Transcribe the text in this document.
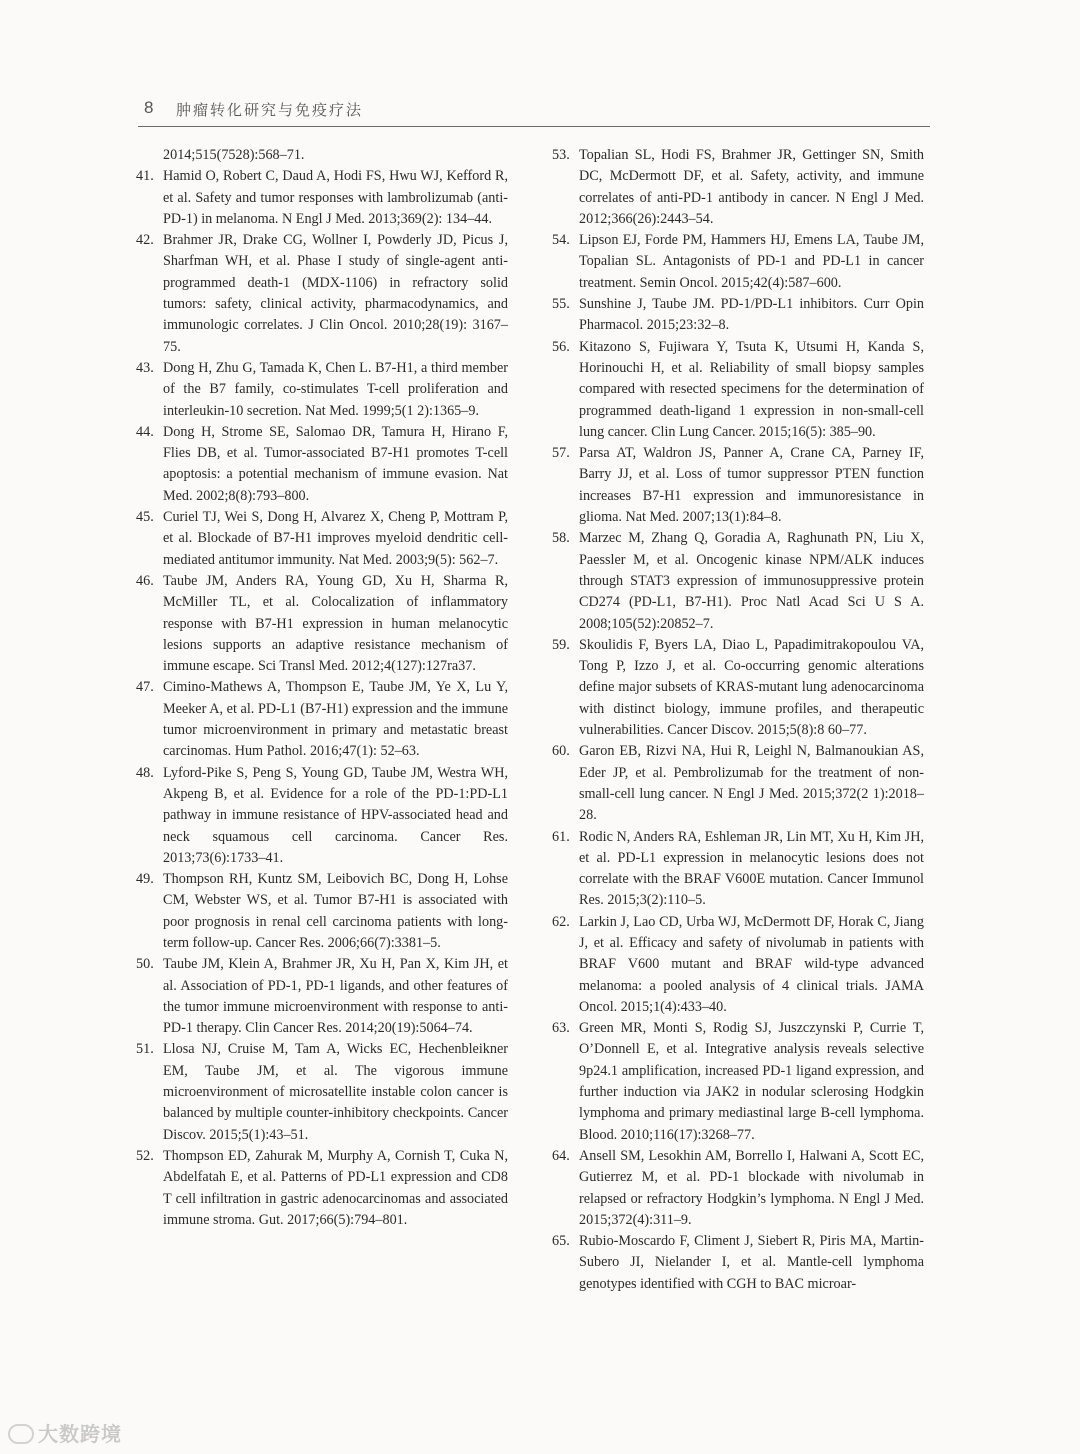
8 肿瘤转化研究与免疫疗法

2014;515(7528):568–71.

41. Hamid O, Robert C, Daud A, Hodi FS, Hwu WJ, Kefford R, et al. Safety and tumor responses with lambrolizumab (anti-PD-1) in melanoma. N Engl J Med. 2013;369(2): 134–44.

42. Brahmer JR, Drake CG, Wollner I, Powderly JD, Picus J, Sharfman WH, et al. Phase I study of single-agent anti-programmed death-1 (MDX-1106) in refractory solid tumors: safety, clinical activity, pharmacodynamics, and immunologic correlates. J Clin Oncol. 2010;28(19): 3167–75.

43. Dong H, Zhu G, Tamada K, Chen L. B7-H1, a third member of the B7 family, co-stimulates T-cell proliferation and interleukin-10 secretion. Nat Med. 1999;5(1 2):1365–9.

44. Dong H, Strome SE, Salomao DR, Tamura H, Hirano F, Flies DB, et al. Tumor-associated B7-H1 promotes T-cell apoptosis: a potential mechanism of immune evasion. Nat Med. 2002;8(8):793–800.

45. Curiel TJ, Wei S, Dong H, Alvarez X, Cheng P, Mottram P, et al. Blockade of B7-H1 improves myeloid dendritic cell-mediated antitumor immunity. Nat Med. 2003;9(5): 562–7.

46. Taube JM, Anders RA, Young GD, Xu H, Sharma R, McMiller TL, et al. Colocalization of inflammatory response with B7-H1 expression in human melanocytic lesions supports an adaptive resistance mechanism of immune escape. Sci Transl Med. 2012;4(127):127ra37.

47. Cimino-Mathews A, Thompson E, Taube JM, Ye X, Lu Y, Meeker A, et al. PD-L1 (B7-H1) expression and the immune tumor microenvironment in primary and metastatic breast carcinomas. Hum Pathol. 2016;47(1): 52–63.

48. Lyford-Pike S, Peng S, Young GD, Taube JM, Westra WH, Akpeng B, et al. Evidence for a role of the PD-1:PD-L1 pathway in immune resistance of HPV-associated head and neck squamous cell carcinoma. Cancer Res. 2013;73(6):1733–41.

49. Thompson RH, Kuntz SM, Leibovich BC, Dong H, Lohse CM, Webster WS, et al. Tumor B7-H1 is associated with poor prognosis in renal cell carcinoma patients with long-term follow-up. Cancer Res. 2006;66(7):3381–5.

50. Taube JM, Klein A, Brahmer JR, Xu H, Pan X, Kim JH, et al. Association of PD-1, PD-1 ligands, and other features of the tumor immune microenvironment with response to anti-PD-1 therapy. Clin Cancer Res. 2014;20(19):5064–74.

51. Llosa NJ, Cruise M, Tam A, Wicks EC, Hechenbleikner EM, Taube JM, et al. The vigorous immune microenvironment of microsatellite instable colon cancer is balanced by multiple counter-inhibitory checkpoints. Cancer Discov. 2015;5(1):43–51.

52. Thompson ED, Zahurak M, Murphy A, Cornish T, Cuka N, Abdelfatah E, et al. Patterns of PD-L1 expression and CD8 T cell infiltration in gastric adenocarcinomas and associated immune stroma. Gut. 2017;66(5):794–801.

53. Topalian SL, Hodi FS, Brahmer JR, Gettinger SN, Smith DC, McDermott DF, et al. Safety, activity, and immune correlates of anti-PD-1 antibody in cancer. N Engl J Med. 2012;366(26):2443–54.

54. Lipson EJ, Forde PM, Hammers HJ, Emens LA, Taube JM, Topalian SL. Antagonists of PD-1 and PD-L1 in cancer treatment. Semin Oncol. 2015;42(4):587–600.

55. Sunshine J, Taube JM. PD-1/PD-L1 inhibitors. Curr Opin Pharmacol. 2015;23:32–8.

56. Kitazono S, Fujiwara Y, Tsuta K, Utsumi H, Kanda S, Horinouchi H, et al. Reliability of small biopsy samples compared with resected specimens for the determination of programmed death-ligand 1 expression in non-small-cell lung cancer. Clin Lung Cancer. 2015;16(5): 385–90.

57. Parsa AT, Waldron JS, Panner A, Crane CA, Parney IF, Barry JJ, et al. Loss of tumor suppressor PTEN function increases B7-H1 expression and immunoresistance in glioma. Nat Med. 2007;13(1):84–8.

58. Marzec M, Zhang Q, Goradia A, Raghunath PN, Liu X, Paessler M, et al. Oncogenic kinase NPM/ALK induces through STAT3 expression of immunosuppressive protein CD274 (PD-L1, B7-H1). Proc Natl Acad Sci U S A. 2008;105(52):20852–7.

59. Skoulidis F, Byers LA, Diao L, Papadimitrakopoulou VA, Tong P, Izzo J, et al. Co-occurring genomic alterations define major subsets of KRAS-mutant lung adenocarcinoma with distinct biology, immune profiles, and therapeutic vulnerabilities. Cancer Discov. 2015;5(8):8 60–77.

60. Garon EB, Rizvi NA, Hui R, Leighl N, Balmanoukian AS, Eder JP, et al. Pembrolizumab for the treatment of non-small-cell lung cancer. N Engl J Med. 2015;372(2 1):2018–28.

61. Rodic N, Anders RA, Eshleman JR, Lin MT, Xu H, Kim JH, et al. PD-L1 expression in melanocytic lesions does not correlate with the BRAF V600E mutation. Cancer Immunol Res. 2015;3(2):110–5.

62. Larkin J, Lao CD, Urba WJ, McDermott DF, Horak C, Jiang J, et al. Efficacy and safety of nivolumab in patients with BRAF V600 mutant and BRAF wild-type advanced melanoma: a pooled analysis of 4 clinical trials. JAMA Oncol. 2015;1(4):433–40.

63. Green MR, Monti S, Rodig SJ, Juszczynski P, Currie T, O’Donnell E, et al. Integrative analysis reveals selective 9p24.1 amplification, increased PD-1 ligand expression, and further induction via JAK2 in nodular sclerosing Hodgkin lymphoma and primary mediastinal large B-cell lymphoma. Blood. 2010;116(17):3268–77.

64. Ansell SM, Lesokhin AM, Borrello I, Halwani A, Scott EC, Gutierrez M, et al. PD-1 blockade with nivolumab in relapsed or refractory Hodgkin’s lymphoma. N Engl J Med. 2015;372(4):311–9.

65. Rubio-Moscardo F, Climent J, Siebert R, Piris MA, Martin-Subero JI, Nielander I, et al. Mantle-cell lymphoma genotypes identified with CGH to BAC microar-

大数跨境
